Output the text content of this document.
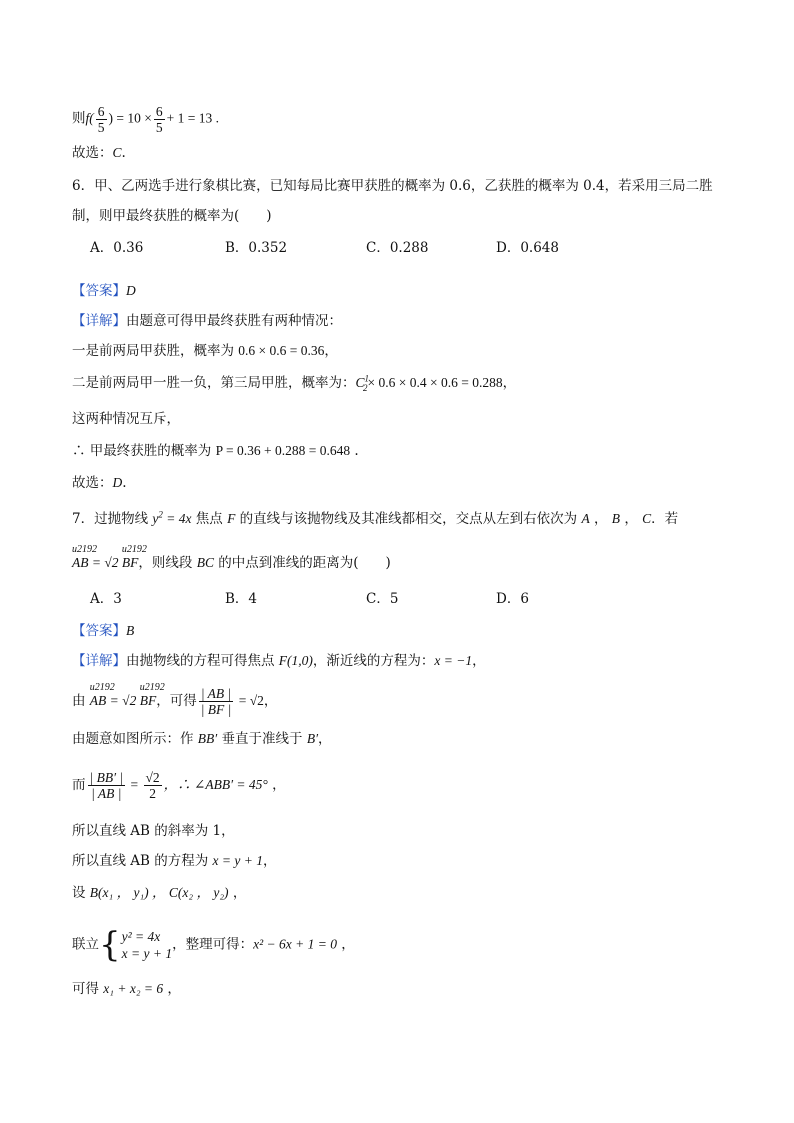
则$f( \frac{6}{5}$ ) = $10 \times \frac{6}{5} + 1 = 13$ .
故选：C.
6．甲、乙两选手进行象棋比赛，已知每局比赛甲获胜的概率为 0.6，乙获胜的概率为 0.4，若采用三局二胜
制，则甲最终获胜的概率为(　　)
A．0.36	B．0.352	C．0.288	D．0.648
【答案】D
【详解】由题意可得甲最终获胜有两种情况：
一是前两局甲获胜，概率为 0.6 × 0.6 = 0.36，
二是前两局甲一胜一负，第三局甲胜，概率为：$C^1_2\times 0.6 \times 0.4 \times 0.6 = 0.288$，
这两种情况互斥，
∴ 甲最终获胜的概率为 P = 0.36 + 0.288 = 0.648 .
故选：D.
7．过抛物线 $y^2 = 4x$ 焦点 F 的直线与该抛物线及其准线都相交，交点从左到右依次为 A ， B ， C．若
u2192 AB = √2 u2192 BF，则线段 BC 的中点到准线的距离为(　　)
A．3	B．4	C．5	D．6
【答案】B
【详解】由抛物线的方程可得焦点 F(1,0)，渐近线的方程为：x = −1，
由 u2192 AB = √2 u2192 BF，可得 $\frac{| AB |}{| BF |} = √2$，
由题意如图所示：作 BB′ 垂直于准线于 B′，
而 $\frac{| BB' |}{| AB |} = \frac{√2}{2}$ ，∴ ∠ABB′ = 45° ，
所以直线 AB 的斜率为 1，
所以直线 AB 的方程为 x = y + 1，
设 B(x₁ ， y₁) ， C(x₂ ， y₂) ，
联立{ y² = 4x
x = y + 1
，整理可得：x² − 6x + 1 = 0 ，
可得 x₁ + x₂ = 6 ，
